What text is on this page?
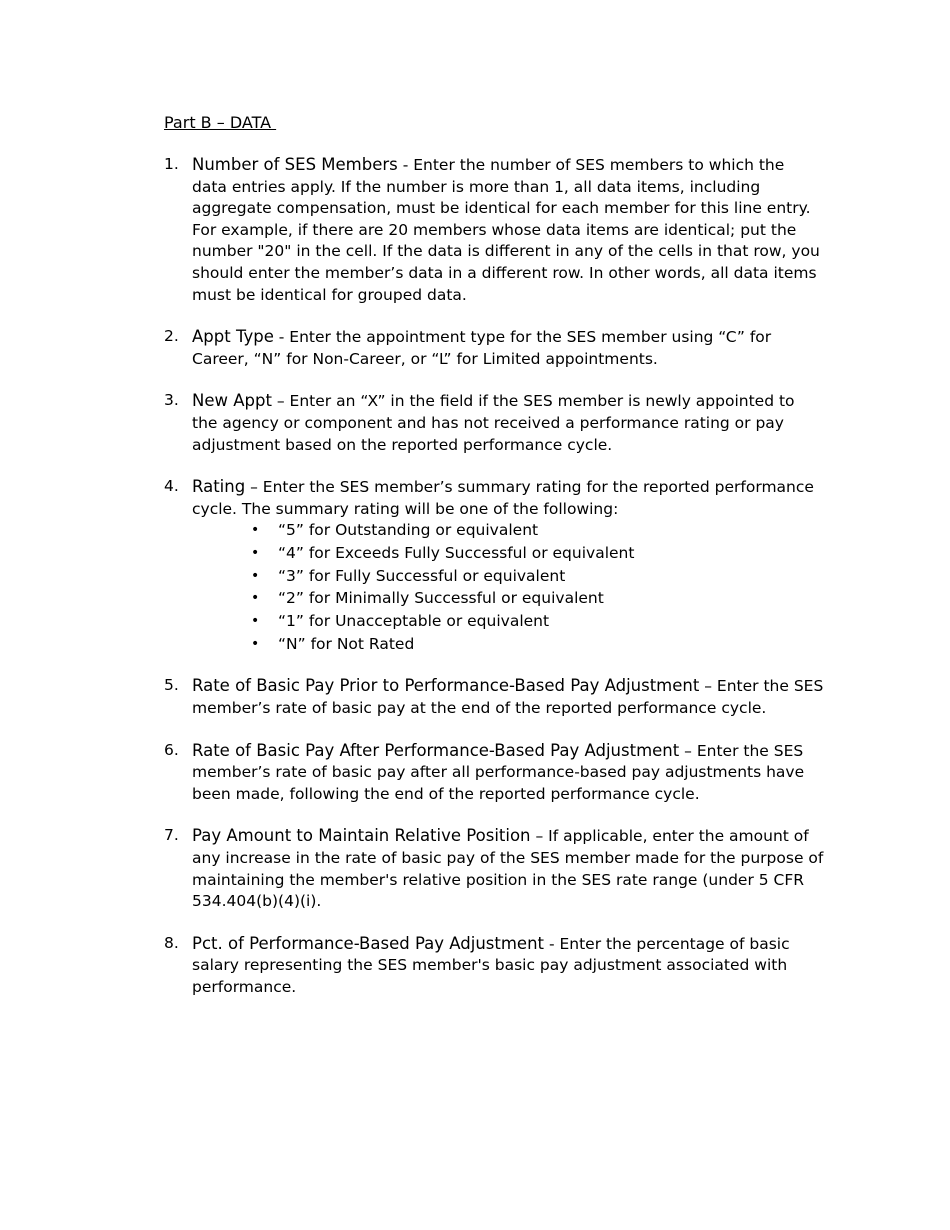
Part B – DATA
1. Number of SES Members - Enter the number of SES members to which the data entries apply. If the number is more than 1, all data items, including aggregate compensation, must be identical for each member for this line entry. For example, if there are 20 members whose data items are identical; put the number "20" in the cell. If the data is different in any of the cells in that row, you should enter the member’s data in a different row. In other words, all data items must be identical for grouped data.
2. Appt Type - Enter the appointment type for the SES member using “C” for Career, “N” for Non-Career, or “L” for Limited appointments.
3. New Appt – Enter an “X” in the field if the SES member is newly appointed to the agency or component and has not received a performance rating or pay adjustment based on the reported performance cycle.
4. Rating – Enter the SES member’s summary rating for the reported performance cycle. The summary rating will be one of the following:
• “5” for Outstanding or equivalent
• “4” for Exceeds Fully Successful or equivalent
• “3” for Fully Successful or equivalent
• “2” for Minimally Successful or equivalent
• “1” for Unacceptable or equivalent
• “N” for Not Rated
5. Rate of Basic Pay Prior to Performance-Based Pay Adjustment – Enter the SES member’s rate of basic pay at the end of the reported performance cycle.
6. Rate of Basic Pay After Performance-Based Pay Adjustment – Enter the SES member’s rate of basic pay after all performance-based pay adjustments have been made, following the end of the reported performance cycle.
7. Pay Amount to Maintain Relative Position – If applicable, enter the amount of any increase in the rate of basic pay of the SES member made for the purpose of maintaining the member's relative position in the SES rate range (under 5 CFR 534.404(b)(4)(i).
8. Pct. of Performance-Based Pay Adjustment - Enter the percentage of basic salary representing the SES member's basic pay adjustment associated with performance.
